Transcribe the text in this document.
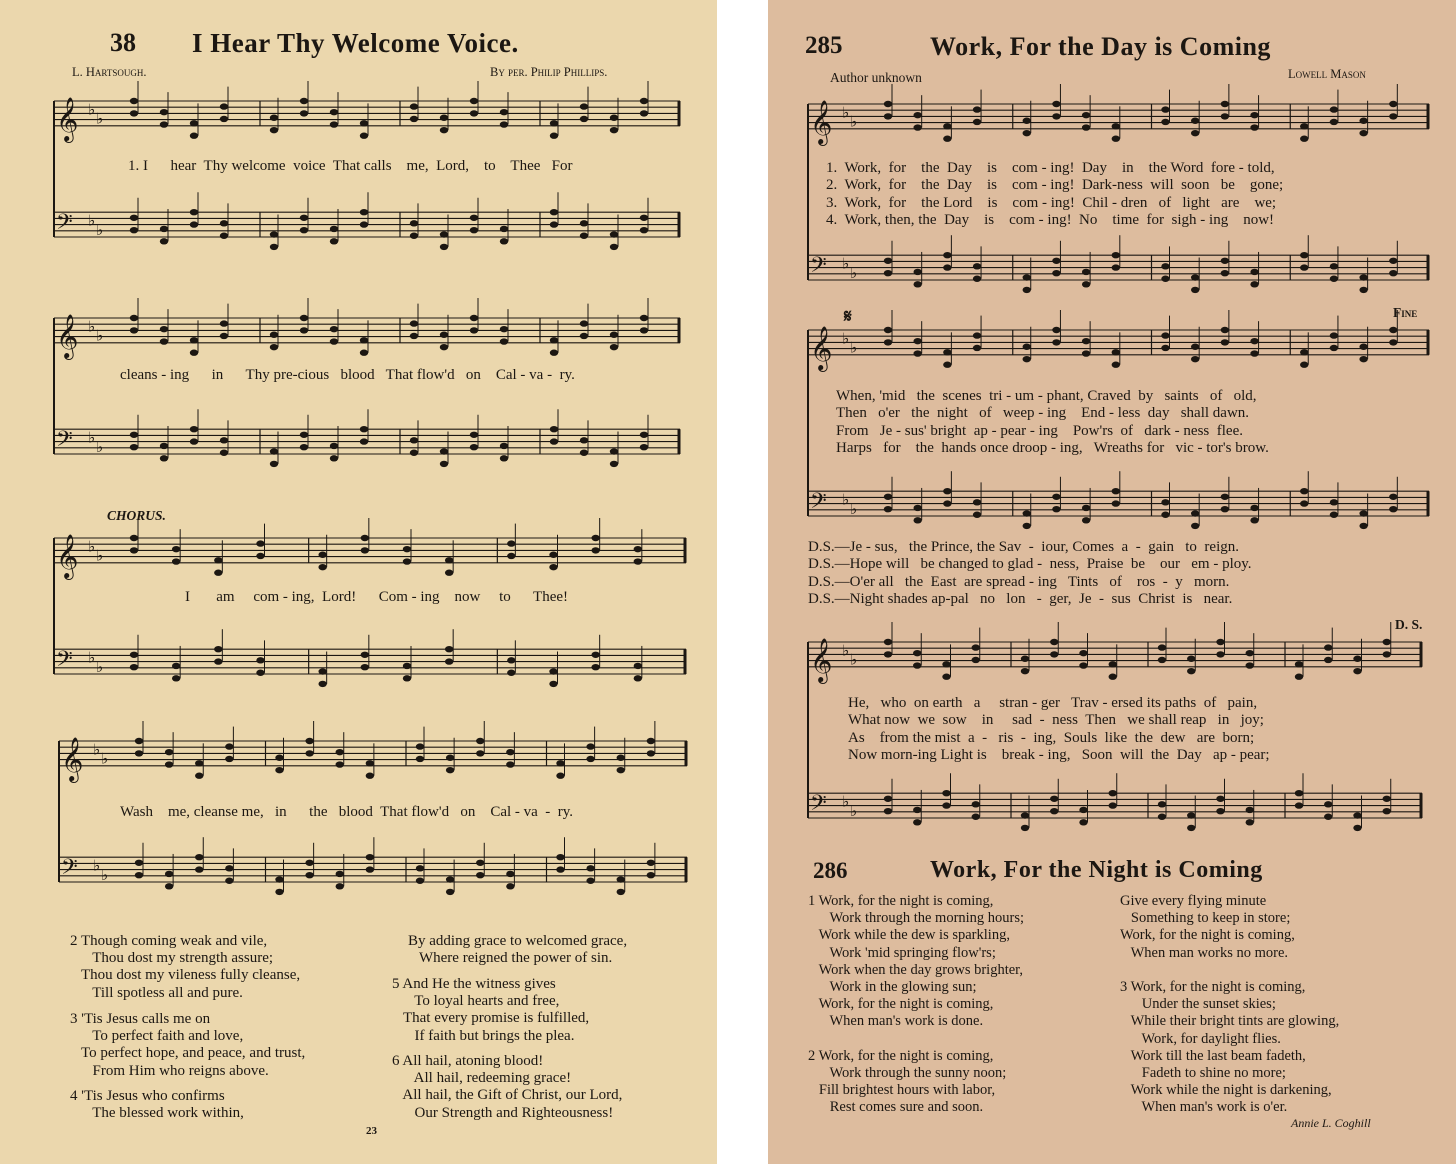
38 I Hear Thy Welcome Voice.
L. Hartsough.	By per. Philip Phillips.
𝄞 ♭
♭
𝄢 ♭
♭
1. I      hear  Thy welcome  voice  That calls    me,  Lord,    to    Thee   For
𝄞 ♭
♭
𝄢 ♭
♭
cleans - ing      in      Thy pre-cious   blood   That flow'd   on    Cal - va -  ry.
CHORUS.
𝄞 ♭
♭
𝄢 ♭
♭
I       am     com - ing,  Lord!      Com - ing    now     to      Thee!
𝄞 ♭
♭
𝄢 ♭
♭
Wash    me, cleanse me,   in      the   blood  That flow'd   on    Cal - va  -  ry.
2 Though coming weak and vile,
Thou dost my strength assure;
Thou dost my vileness fully cleanse,
Till spotless all and pure.
3 'Tis Jesus calls me on
To perfect faith and love,
To perfect hope, and peace, and trust,
From Him who reigns above.
4 'Tis Jesus who confirms
The blessed work within,
By adding grace to welcomed grace,
Where reigned the power of sin.
5 And He the witness gives
To loyal hearts and free,
That every promise is fulfilled,
If faith but brings the plea.
6 All hail, atoning blood!
All hail, redeeming grace!
All hail, the Gift of Christ, our Lord,
Our Strength and Righteousness!
23
285	Work, For the Day is Coming
Author unknown	Lowell Mason
𝄞 ♭
♭
𝄢 ♭
♭
1.  Work,  for    the  Day    is    com - ing!  Day    in    the Word  fore - told,
2.  Work,  for    the  Day    is    com - ing!  Dark-ness  will  soon   be    gone;
3.  Work,  for    the Lord    is    com - ing!  Chil - dren   of   light   are    we;
4.  Work, then, the  Day    is    com - ing!  No    time  for  sigh - ing    now!
𝄋	Fine
𝄞 ♭
♭
𝄢 ♭
♭
When, 'mid   the  scenes  tri - um - phant, Craved  by   saints   of   old,
Then   o'er   the  night   of   weep - ing    End - less  day   shall dawn.
From   Je - sus' bright  ap - pear - ing    Pow'rs  of   dark - ness  flee.
Harps   for    the  hands once droop - ing,   Wreaths for   vic - tor's brow.
D.S.—Je - sus,   the Prince, the Sav  -  iour, Comes  a  -  gain   to  reign.
D.S.—Hope will   be changed to glad -  ness,  Praise  be    our   em - ploy.
D.S.—O'er all   the  East  are spread - ing   Tints   of    ros  -  y   morn.
D.S.—Night shades ap-pal   no   lon   -  ger,  Je  -  sus  Christ  is   near.
D. S.
𝄞 ♭
♭
𝄢 ♭
♭
He,   who  on earth   a     stran - ger   Trav - ersed its paths  of   pain,
What now  we  sow    in     sad  -  ness  Then   we shall reap   in   joy;
As    from the mist  a  -   ris  -  ing,  Souls  like  the  dew   are  born;
Now morn-ing Light is    break - ing,   Soon  will  the  Day   ap - pear;
286	Work, For the Night is Coming
1 Work, for the night is coming,
Work through the morning hours;
Work while the dew is sparkling,
Work 'mid springing flow'rs;
Work when the day grows brighter,
Work in the glowing sun;
Work, for the night is coming,
When man's work is done.

2 Work, for the night is coming,
Work through the sunny noon;
Fill brightest hours with labor,
Rest comes sure and soon.
Give every flying minute
Something to keep in store;
Work, for the night is coming,
When man works no more.

3 Work, for the night is coming,
Under the sunset skies;
While their bright tints are glowing,
Work, for daylight flies.
Work till the last beam fadeth,
Fadeth to shine no more;
Work while the night is darkening,
When man's work is o'er.
Annie L. Coghill
